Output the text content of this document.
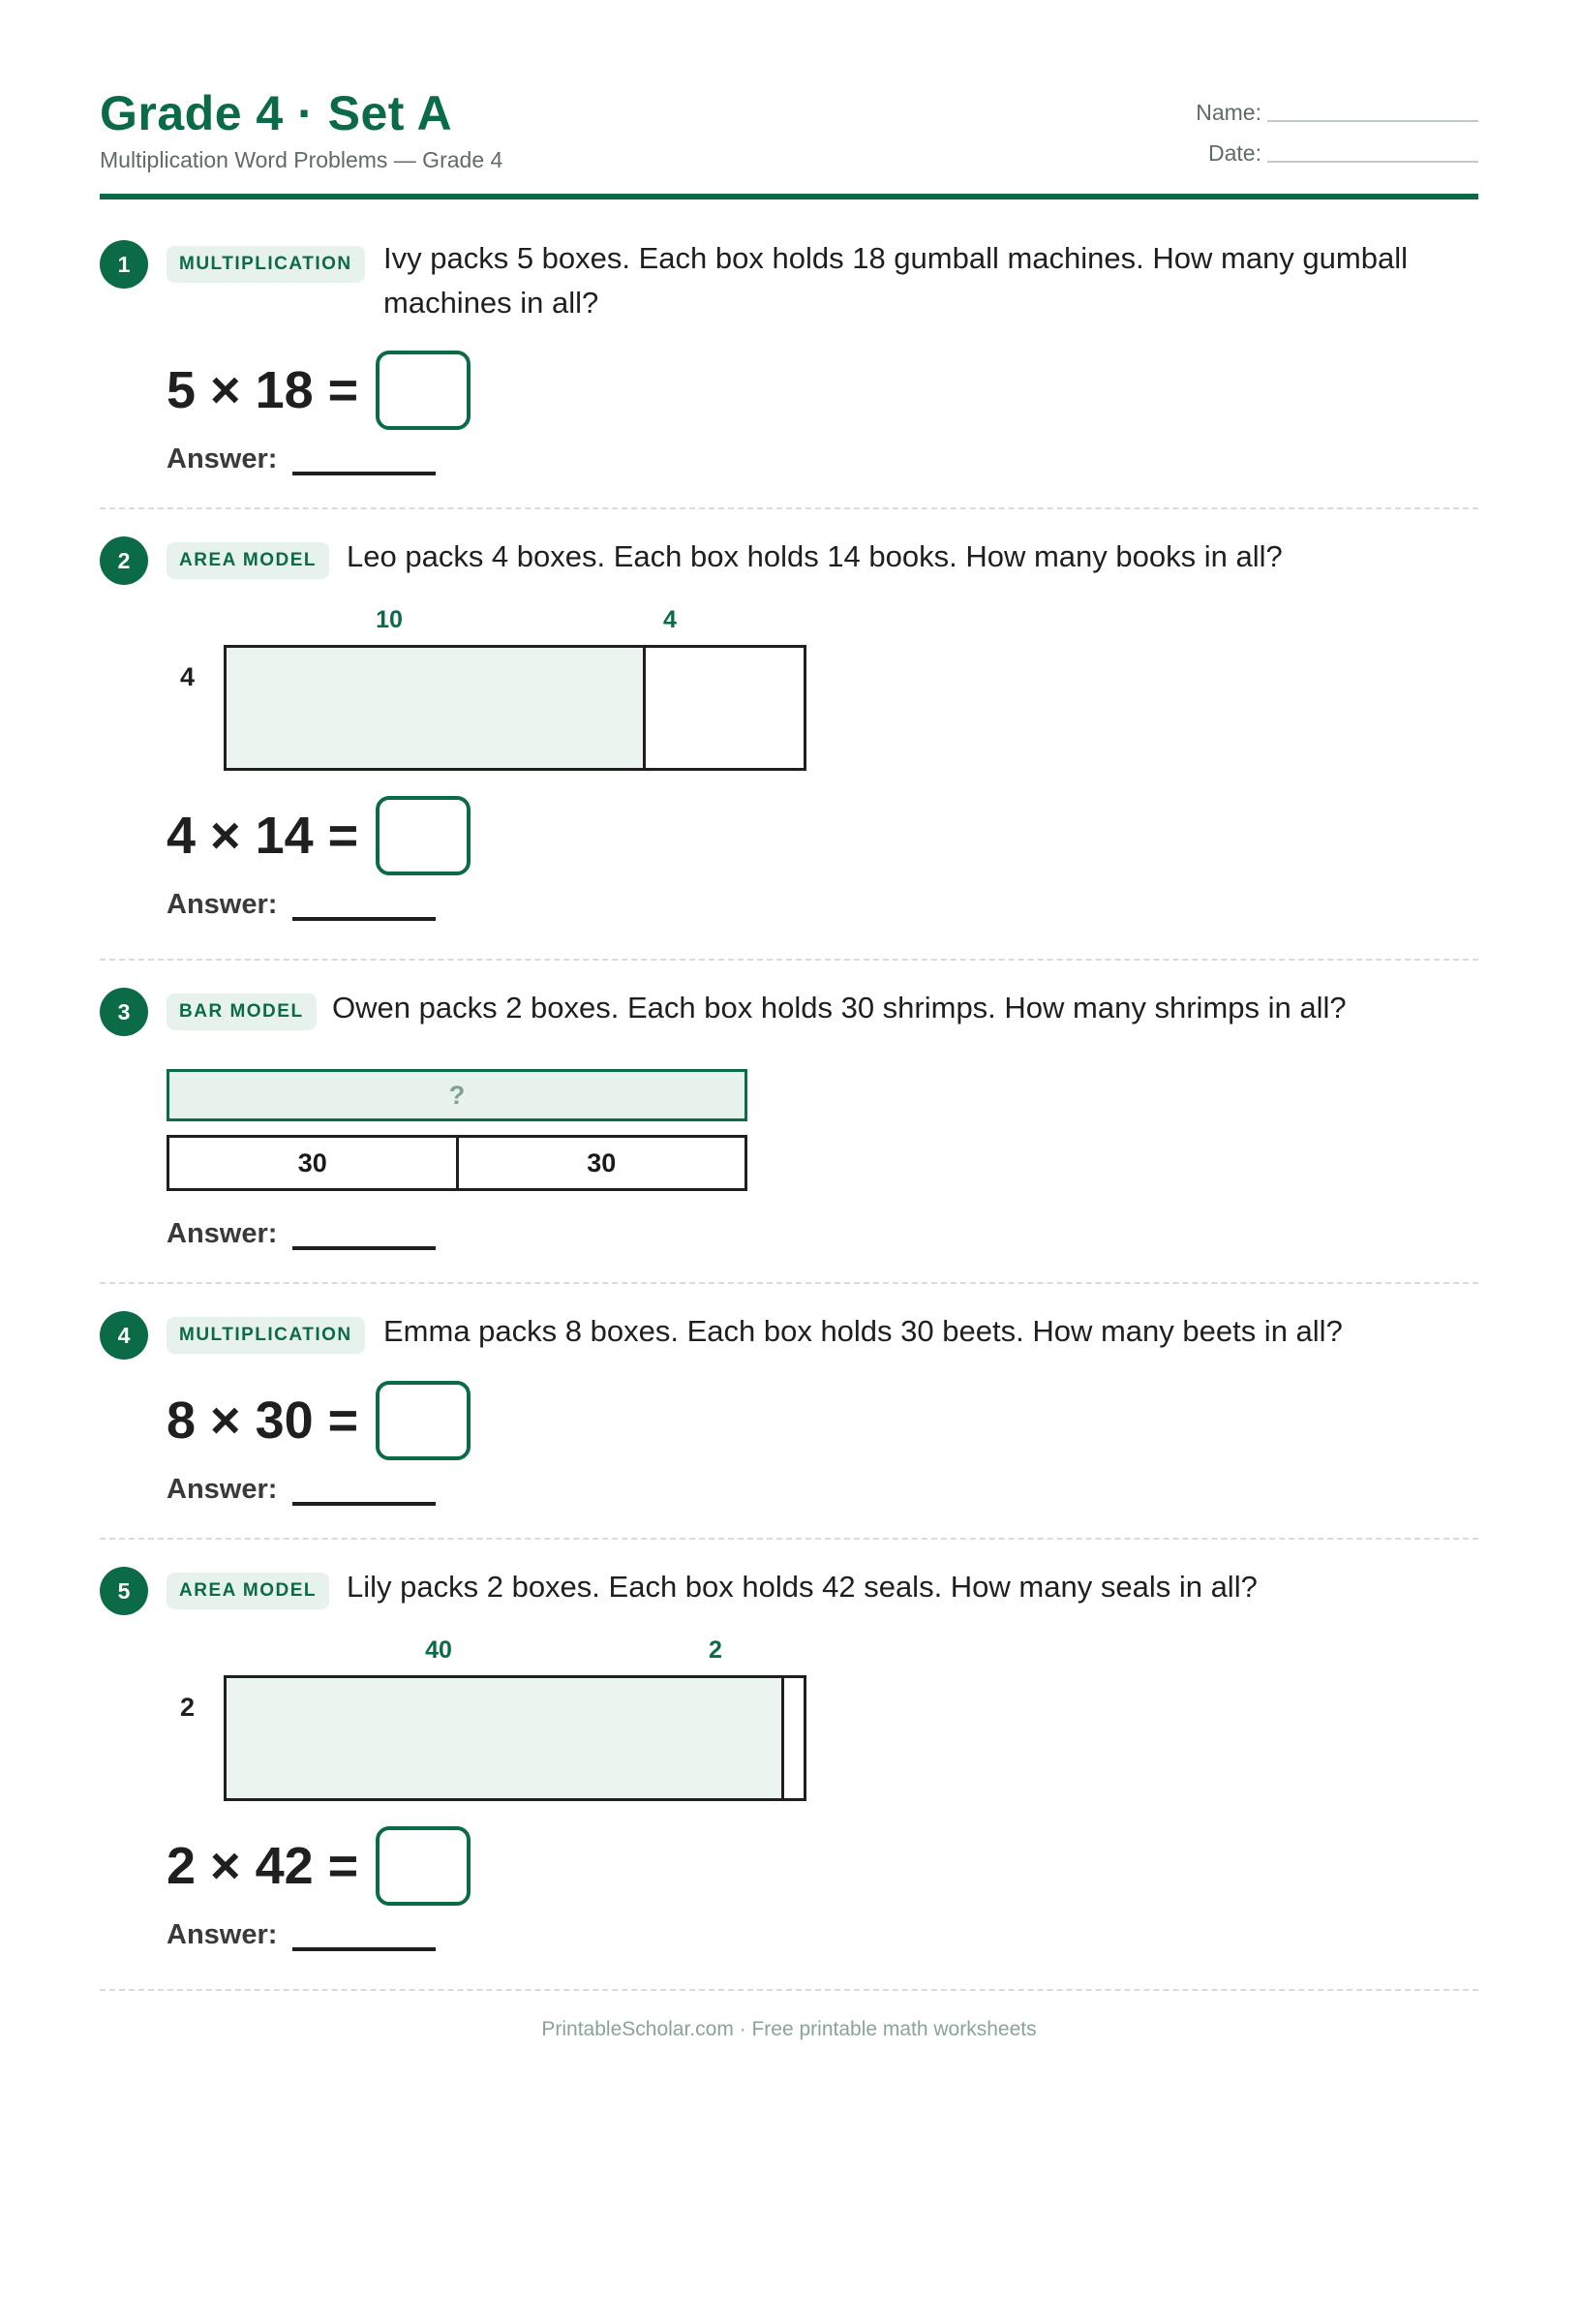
Grade 4 · Set A
Multiplication Word Problems — Grade 4
Name:
Date:
1	MULTIPLICATION	Ivy packs 5 boxes. Each box holds 18 gumball machines. How many gumball machines in all?
5 × 18 =
Answer:
2	AREA MODEL Leo packs 4 boxes. Each box holds 14 books. How many books in all?
10	4
4
4 × 14 =
Answer:
3	BAR MODEL Owen packs 2 boxes. Each box holds 30 shrimps. How many shrimps in all?
?
30	30
Answer:
4	MULTIPLICATION	Emma packs 8 boxes. Each box holds 30 beets. How many beets in all?
8 × 30 =
Answer:
5	AREA MODEL Lily packs 2 boxes. Each box holds 42 seals. How many seals in all?
40	2
2
2 × 42 =
Answer:
PrintableScholar.com · Free printable math worksheets
